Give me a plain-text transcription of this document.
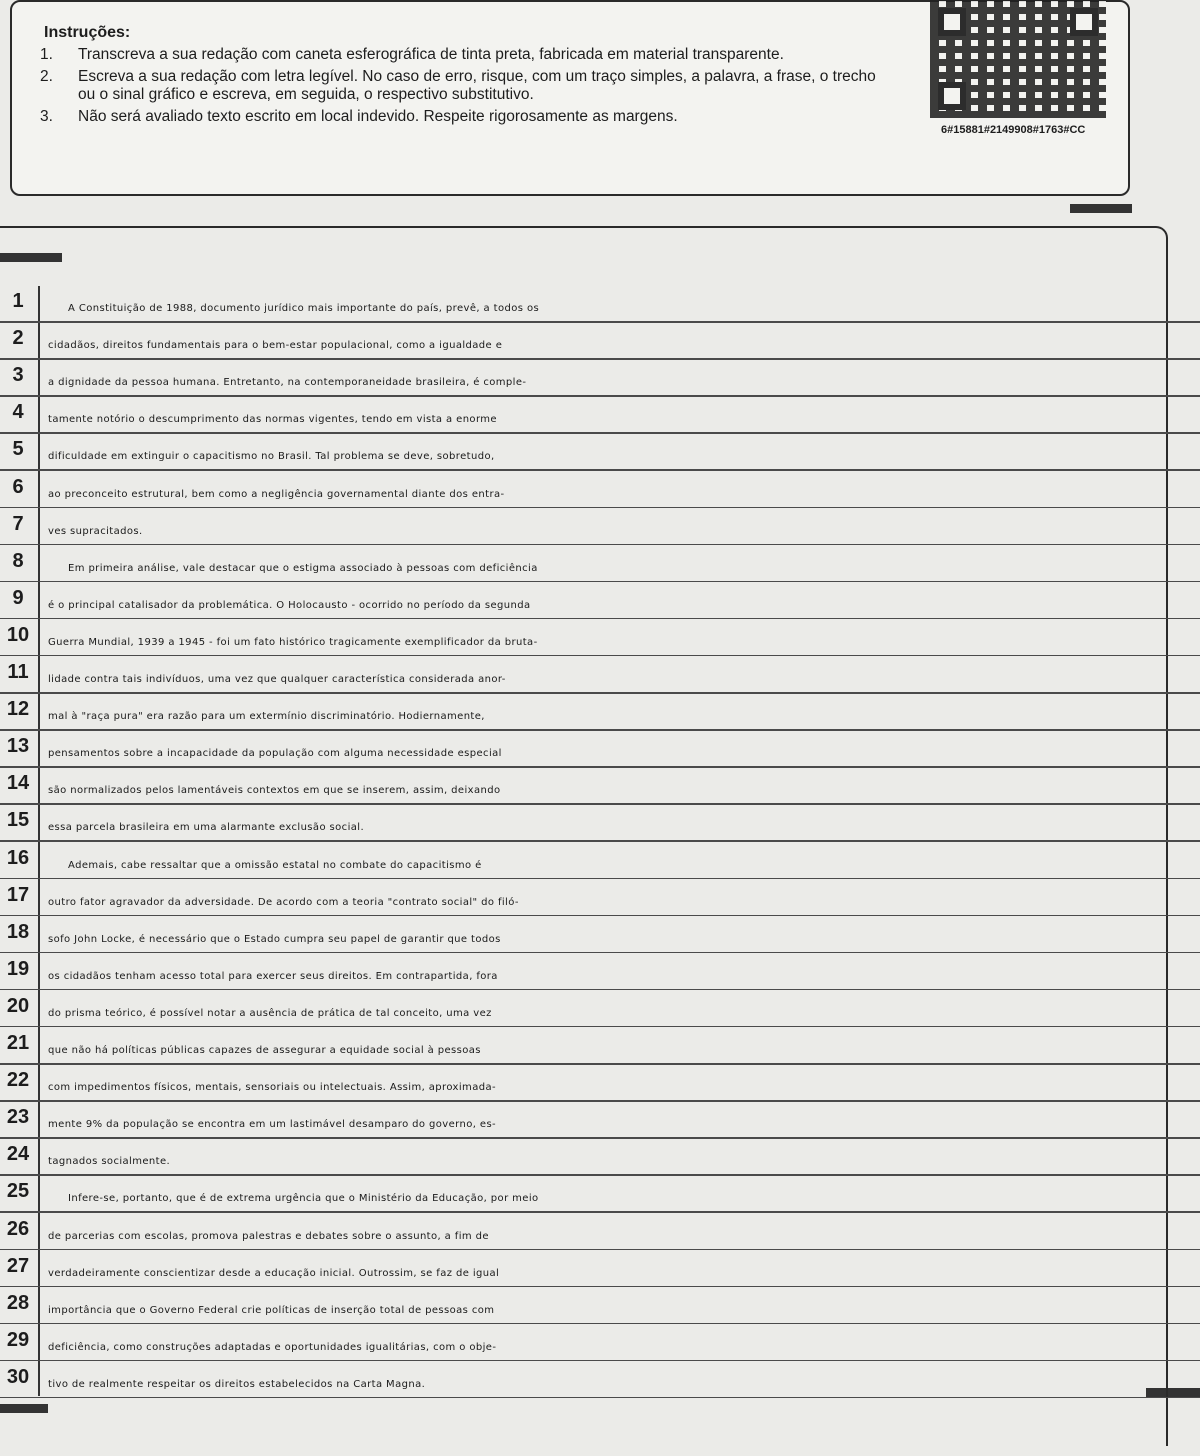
Instruções:
1. Transcreva a sua redação com caneta esferográfica de tinta preta, fabricada em material transparente.
2. Escreva a sua redação com letra legível. No caso de erro, risque, com um traço simples, a palavra, a frase, o trecho ou o sinal gráfico e escreva, em seguida, o respectivo substitutivo.
3. Não será avaliado texto escrito em local indevido. Respeite rigorosamente as margens.
6#15881#2149908#1763#CC
1	A Constituição de 1988, documento jurídico mais importante do país, prevê, a todos os
2	cidadãos, direitos fundamentais para o bem-estar populacional, como a igualdade e
3	a dignidade da pessoa humana. Entretanto, na contemporaneidade brasileira, é comple-
4	tamente notório o descumprimento das normas vigentes, tendo em vista a enorme
5	dificuldade em extinguir o capacitismo no Brasil. Tal problema se deve, sobretudo,
6	ao preconceito estrutural, bem como a negligência governamental diante dos entra-
7	ves supracitados.
8	Em primeira análise, vale destacar que o estigma associado à pessoas com deficiência
9	é o principal catalisador da problemática. O Holocausto - ocorrido no período da segunda
10	Guerra Mundial, 1939 a 1945 - foi um fato histórico tragicamente exemplificador da bruta-
11	lidade contra tais indivíduos, uma vez que qualquer característica considerada anor-
12	mal à "raça pura" era razão para um extermínio discriminatório. Hodiernamente,
13	pensamentos sobre a incapacidade da população com alguma necessidade especial
14	são normalizados pelos lamentáveis contextos em que se inserem, assim, deixando
15	essa parcela brasileira em uma alarmante exclusão social.
16	Ademais, cabe ressaltar que a omissão estatal no combate do capacitismo é
17	outro fator agravador da adversidade. De acordo com a teoria "contrato social" do filó-
18	sofo John Locke, é necessário que o Estado cumpra seu papel de garantir que todos
19	os cidadãos tenham acesso total para exercer seus direitos. Em contrapartida, fora
20	do prisma teórico, é possível notar a ausência de prática de tal conceito, uma vez
21	que não há políticas públicas capazes de assegurar a equidade social à pessoas
22	com impedimentos físicos, mentais, sensoriais ou intelectuais. Assim, aproximada-
23	mente 9% da população se encontra em um lastimável desamparo do governo, es-
24	tagnados socialmente.
25	Infere-se, portanto, que é de extrema urgência que o Ministério da Educação, por meio
26	de parcerias com escolas, promova palestras e debates sobre o assunto, a fim de
27	verdadeiramente conscientizar desde a educação inicial. Outrossim, se faz de igual
28	importância que o Governo Federal crie políticas de inserção total de pessoas com
29	deficiência, como construções adaptadas e oportunidades igualitárias, com o obje-
30	tivo de realmente respeitar os direitos estabelecidos na Carta Magna.
